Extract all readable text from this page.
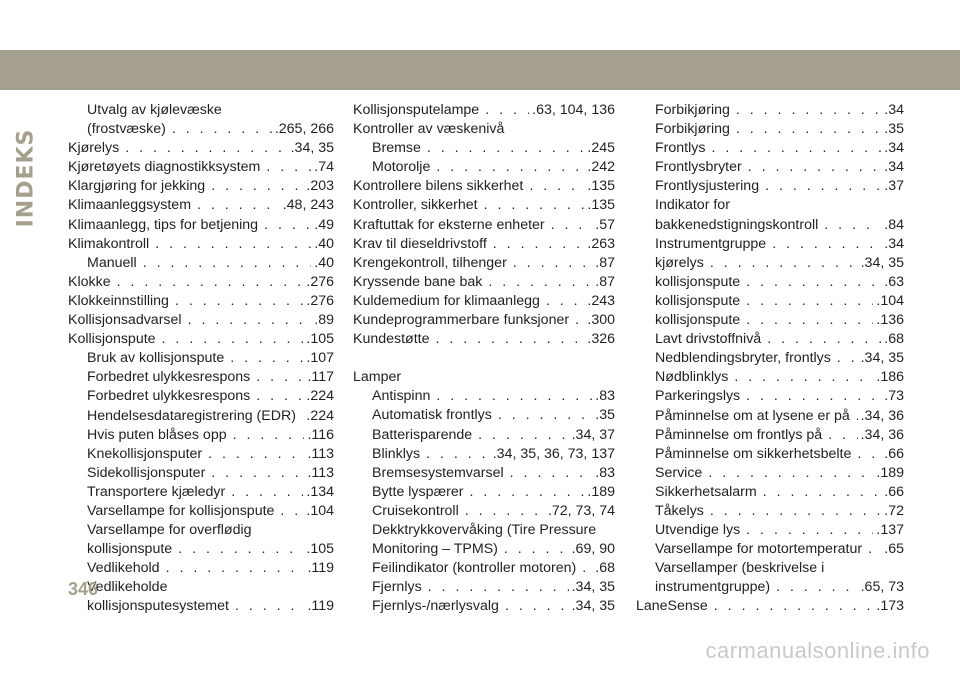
INDEKS
Utvalg av kjølevæske
(frostvæske) . . .	.265, 266
Kjørelys . . .	.34, 35
Kjøretøyets diagnostikksystem . . .	.74
Klargjøring for jekking . . .	.203
Klimaanleggsystem . . .	.48, 243
Klimaanlegg, tips for betjening . . .	.49
Klimakontroll . . .	.40
Manuell . . .	.40
Klokke . . .	.276
Klokkeinnstilling . . .	.276
Kollisjonsadvarsel . . .	.89
Kollisjonspute . . .	.105
Bruk av kollisjonspute . . .	.107
Forbedret ulykkesrespons . . .	.117
Forbedret ulykkesrespons . . .	.224
Hendelsesdataregistrering (EDR) . . . .224
Hvis puten blåses opp . . .	.116
Knekollisjonsputer . . .	.113
Sidekollisjonsputer . . .	.113
Transportere kjæledyr . . .	.134
Varsellampe for kollisjonspute . . . .104
Varsellampe for overflødig
kollisjonspute . . .	.105
Vedlikehold . . .	.119
Vedlikeholde
kollisjonsputesystemet . . .	.119
Kollisjonsputelampe . . .	.63, 104, 136
Kontroller av væskenivå
Bremse . . .	.245
Motorolje . . .	.242
Kontrollere bilens sikkerhet . . .	.135
Kontroller, sikkerhet . . .	.135
Kraftuttak for eksterne enheter . . .	.57
Krav til dieseldrivstoff . . .	.263
Krengekontroll, tilhenger . . .	.87
Kryssende bane bak . . .	.87
Kuldemedium for klimaanlegg . . .	.243
Kundeprogrammerbare funksjoner . . . .300
Kundestøtte . . .	.326
Lamper
Antispinn . . .	.83
Automatisk frontlys . . .	.35
Batterisparende . . .	.34, 37
Blinklys . . .	.34, 35, 36, 73, 137
Bremsesystemvarsel . . .	.83
Bytte lyspærer . . .	.189
Cruisekontroll . . .	.72, 73, 74
Dekktrykkovervåking (Tire Pressure
Monitoring – TPMS) . . .	.69, 90
Feilindikator (kontroller motoren) . . . .68
Fjernlys . . .	.34, 35
Fjernlys-/nærlysvalg . . .	.34, 35
Forbikjøring . . .	.34
Forbikjøring . . .	.35
Frontlys . . .	.34
Frontlysbryter . . .	.34
Frontlysjustering . . .	.37
Indikator for
bakkenedstigningskontroll . . .	.84
Instrumentgruppe . . .	.34
kjørelys . . .	.34, 35
kollisjonspute . . .	.63
kollisjonspute . . .	.104
kollisjonspute . . .	.136
Lavt drivstoffnivå . . .	.68
Nedblendingsbryter, frontlys . . . .34, 35
Nødblinklys . . .	.186
Parkeringslys . . .	.73
Påminnelse om at lysene er på . . . .34, 36
Påminnelse om frontlys på . . .	.34, 36
Påminnelse om sikkerhetsbelte . . . .66
Service . . .	.189
Sikkerhetsalarm . . .	.66
Tåkelys . . .	.72
Utvendige lys . . .	.137
Varsellampe for motortemperatur . . . .65
Varsellamper (beskrivelse i
instrumentgruppe) . . .	.65, 73
LaneSense . . .	.173
346
carmanualsonline.info
